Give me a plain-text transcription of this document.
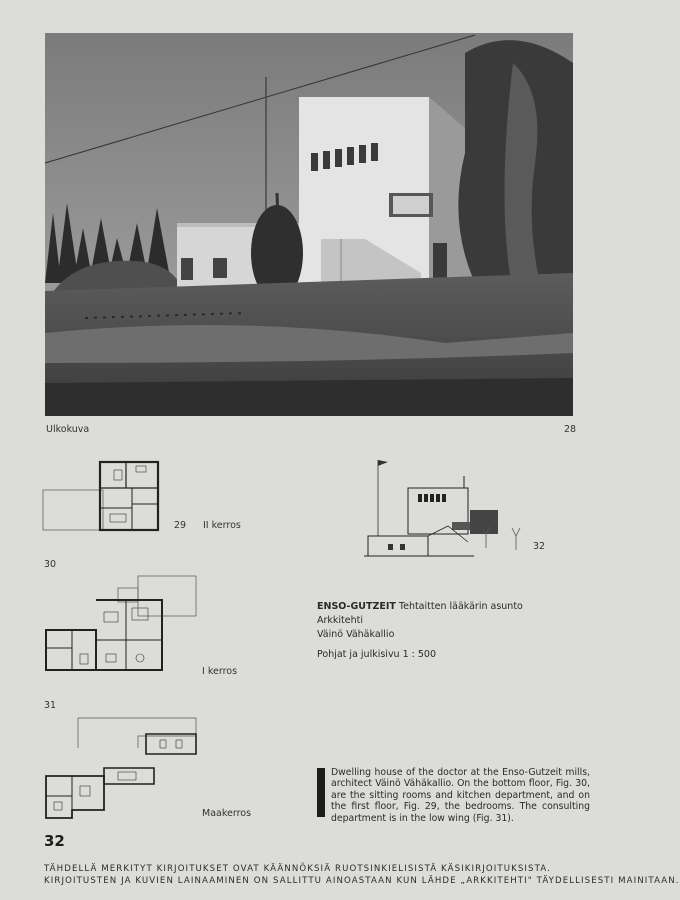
Ulkokuva	28
29 II kerros
32
30
I kerros
ENSO-GUTZEIT Tehtaitten lääkärin asunto
Arkkitehti
Väinö Vähäkallio
Pohjat ja julkisivu 1 : 500
31
Maakerros
Dwelling house of the doctor at the Enso-Gutzeit mills, architect Väinö Vähäkallio. On the bottom floor, Fig. 30, are the sitting rooms and kitchen department, and on the first floor, Fig. 29, the bedrooms. The consulting department is in the low wing (Fig. 31).
32
TÄHDELLÄ MERKITYT KIRJOITUKSET OVAT KÄÄNNÖKSIÄ RUOTSINKIELISISTÄ KÄSIKIRJOITUKSISTA.
KIRJOITUSTEN JA KUVIEN LAINAAMINEN ON SALLITTU AINOASTAAN KUN LÄHDE „ARKKITEHTI" TÄYDELLISESTI MAINITAAN.
